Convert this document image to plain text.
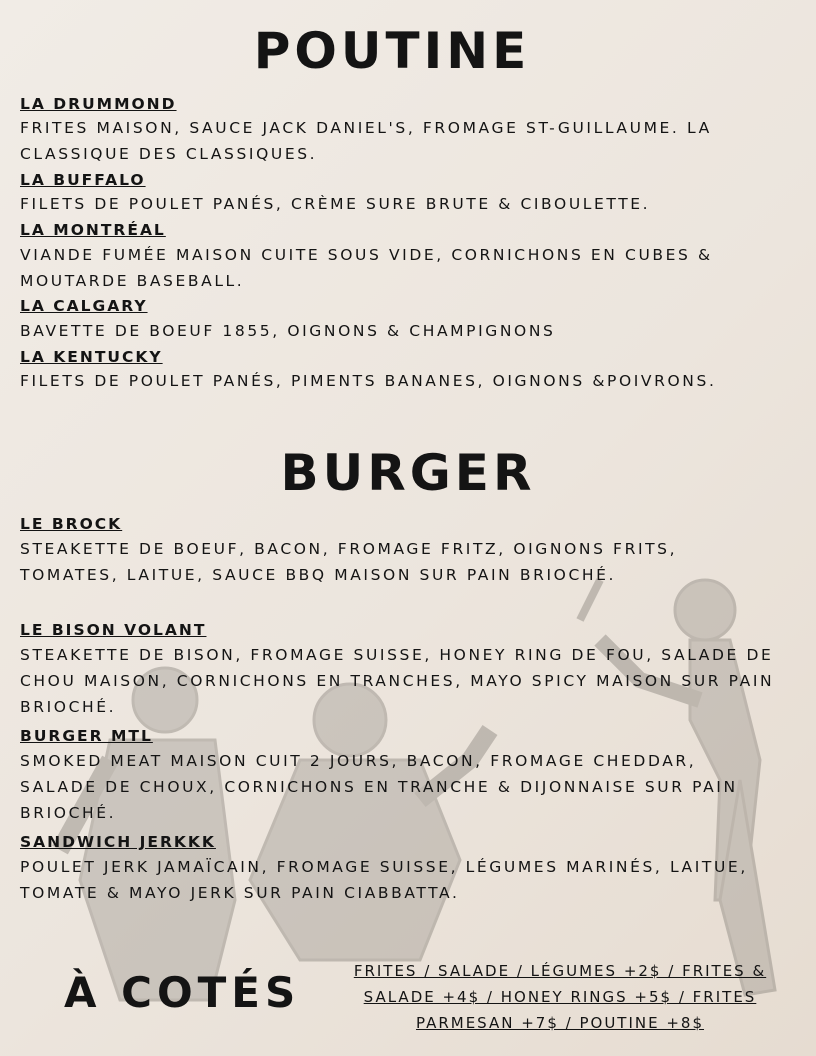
POUTINE
LA DRUMMOND
FRITES MAISON, SAUCE JACK DANIEL'S, FROMAGE ST-GUILLAUME. LA CLASSIQUE DES CLASSIQUES.
LA BUFFALO
FILETS DE POULET PANÉS, CRÈME SURE BRUTE & CIBOULETTE.
LA MONTRÉAL
VIANDE FUMÉE MAISON CUITE SOUS VIDE, CORNICHONS EN CUBES & MOUTARDE BASEBALL.
LA CALGARY
BAVETTE DE BOEUF 1855, OIGNONS & CHAMPIGNONS
LA KENTUCKY
FILETS DE POULET PANÉS, PIMENTS BANANES, OIGNONS &POIVRONS.
BURGER
LE BROCK
STEAKETTE DE BOEUF, BACON, FROMAGE FRITZ, OIGNONS FRITS, TOMATES, LAITUE, SAUCE BBQ MAISON SUR PAIN BRIOCHÉ.
LE BISON VOLANT
STEAKETTE DE BISON, FROMAGE SUISSE, HONEY RING DE FOU, SALADE DE CHOU MAISON, CORNICHONS EN TRANCHES, MAYO SPICY MAISON SUR PAIN BRIOCHÉ.
BURGER MTL
SMOKED MEAT MAISON CUIT 2 JOURS, BACON, FROMAGE CHEDDAR, SALADE DE CHOUX, CORNICHONS EN TRANCHE & DIJONNAISE SUR PAIN BRIOCHÉ.
SANDWICH JERKKK
POULET JERK JAMAÏCAIN, FROMAGE SUISSE, LÉGUMES MARINÉS, LAITUE, TOMATE & MAYO JERK SUR PAIN CIABBATTA.
À COTÉS	FRITES / SALADE / LÉGUMES +2$ / FRITES & SALADE +4$ / HONEY RINGS +5$ / FRITES PARMESAN +7$ / POUTINE +8$
